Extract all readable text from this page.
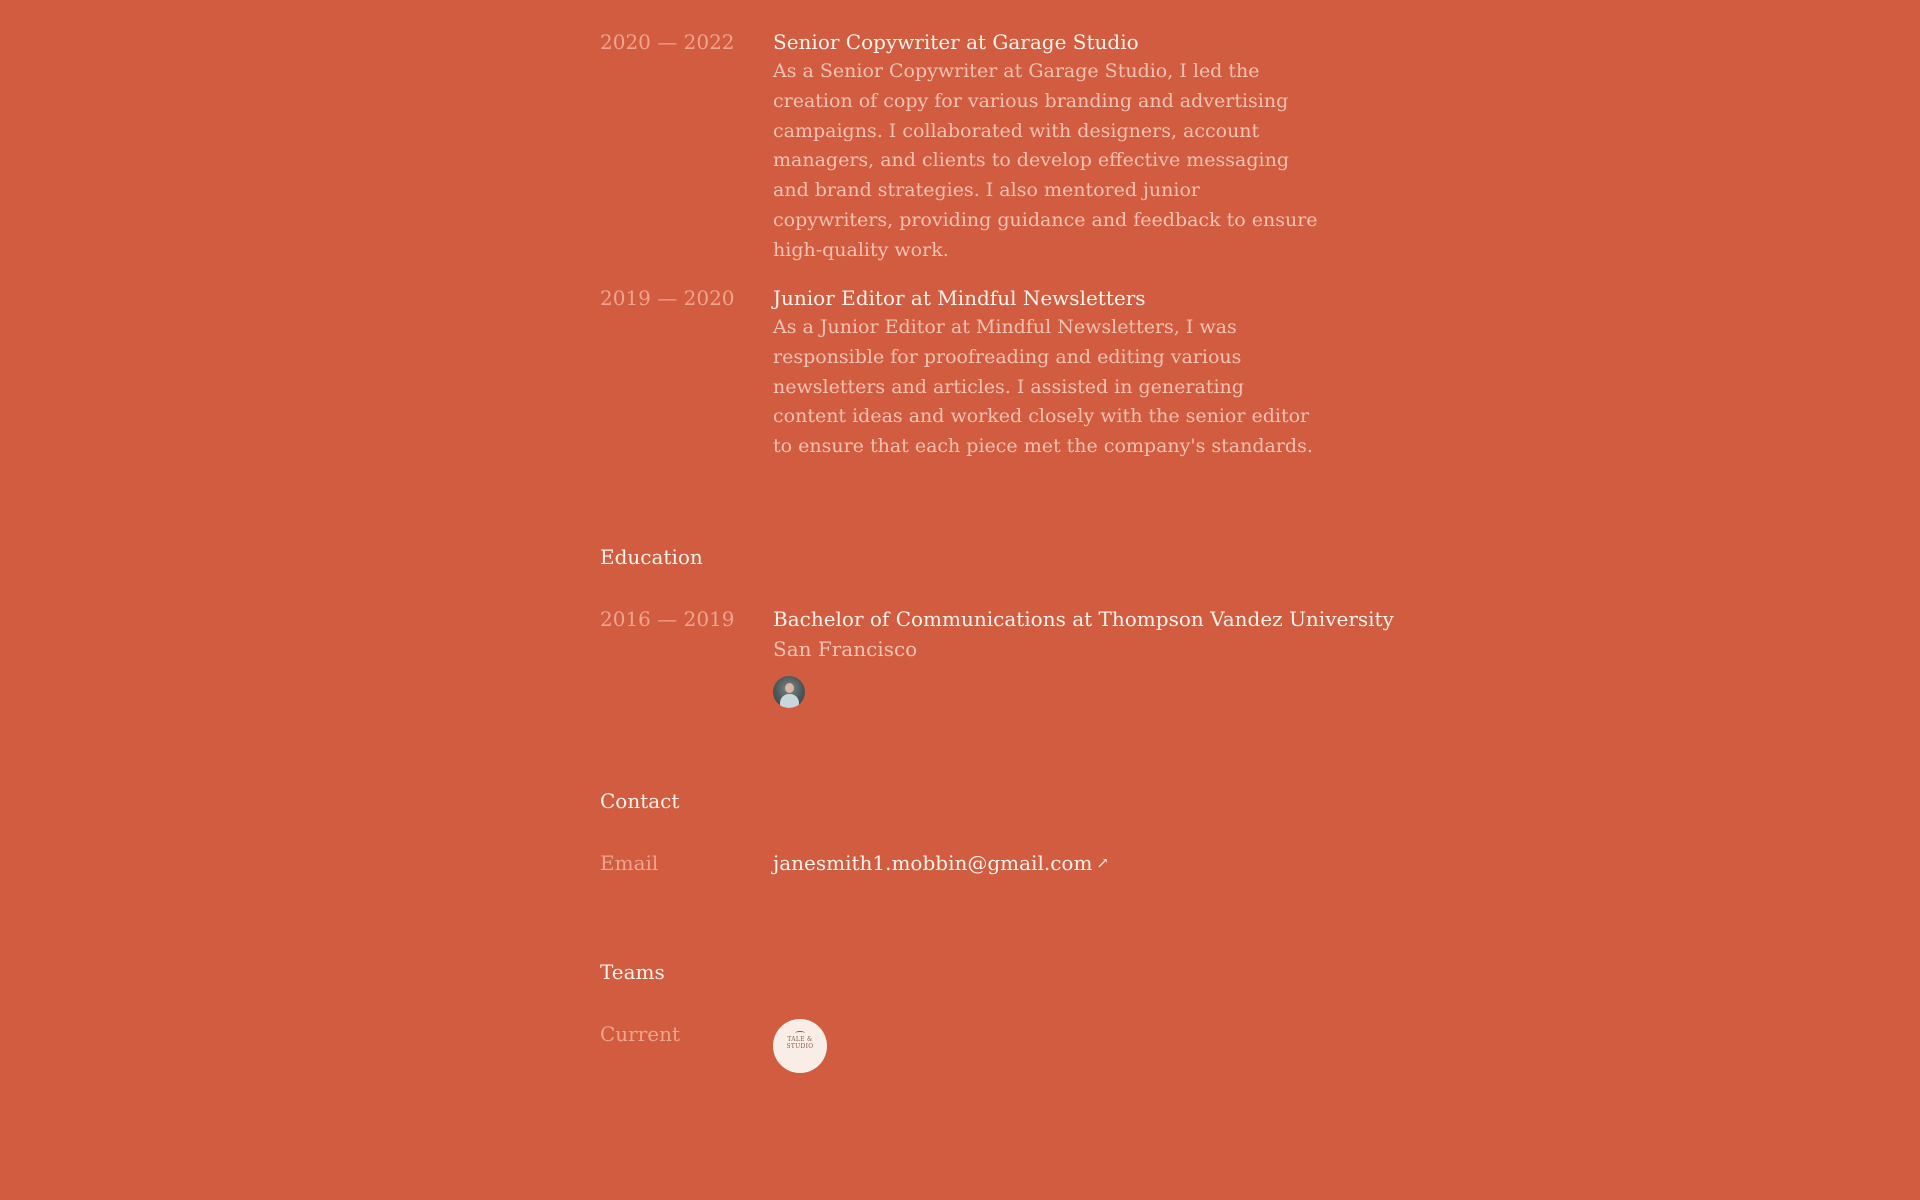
2020 — 2022	Senior Copywriter at Garage Studio
As a Senior Copywriter at Garage Studio, I led the creation of copy for various branding and advertising campaigns. I collaborated with designers, account managers, and clients to develop effective messaging and brand strategies. I also mentored junior copywriters, providing guidance and feedback to ensure high-quality work.
2019 — 2020	Junior Editor at Mindful Newsletters
As a Junior Editor at Mindful Newsletters, I was responsible for proofreading and editing various newsletters and articles. I assisted in generating content ideas and worked closely with the senior editor to ensure that each piece met the company's standards.
Education
2016 — 2019	Bachelor of Communications at Thompson Vandez University
San Francisco
Contact
Email	janesmith1.mobbin@gmail.com ↗
Teams
Current	TALE & STUDIO
